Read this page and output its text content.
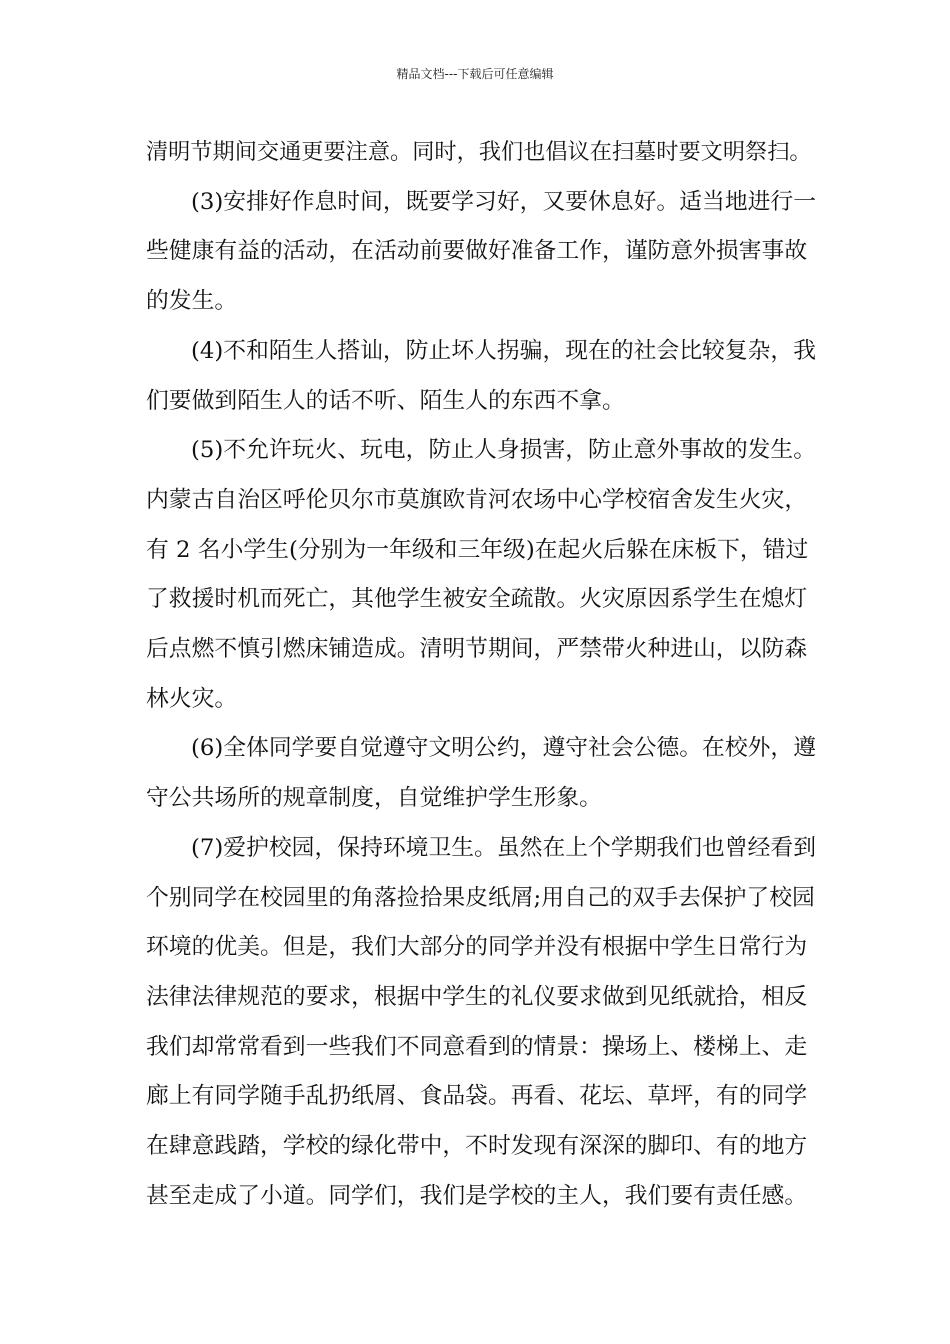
精品文档---下载后可任意编辑
清明节期间交通更要注意。同时，我们也倡议在扫墓时要文明祭扫。
(3)安排好作息时间，既要学习好，又要休息好。适当地进行一
些健康有益的活动，在活动前要做好准备工作，谨防意外损害事故
的发生。
(4)不和陌生人搭讪，防止坏人拐骗，现在的社会比较复杂，我
们要做到陌生人的话不听、陌生人的东西不拿。
(5)不允许玩火、玩电，防止人身损害，防止意外事故的发生。
内蒙古自治区呼伦贝尔市莫旗欧肯河农场中心学校宿舍发生火灾，
有 2 名小学生(分别为一年级和三年级)在起火后躲在床板下，错过
了救援时机而死亡，其他学生被安全疏散。火灾原因系学生在熄灯
后点燃不慎引燃床铺造成。清明节期间，严禁带火种进山，以防森
林火灾。
(6)全体同学要自觉遵守文明公约，遵守社会公德。在校外，遵
守公共场所的规章制度，自觉维护学生形象。
(7)爱护校园，保持环境卫生。虽然在上个学期我们也曾经看到
个别同学在校园里的角落捡拾果皮纸屑;用自己的双手去保护了校园
环境的优美。但是，我们大部分的同学并没有根据中学生日常行为
法律法律规范的要求，根据中学生的礼仪要求做到见纸就拾，相反
我们却常常看到一些我们不同意看到的情景：操场上、楼梯上、走
廊上有同学随手乱扔纸屑、食品袋。再看、花坛、草坪，有的同学
在肆意践踏，学校的绿化带中，不时发现有深深的脚印、有的地方
甚至走成了小道。同学们，我们是学校的主人，我们要有责任感。
